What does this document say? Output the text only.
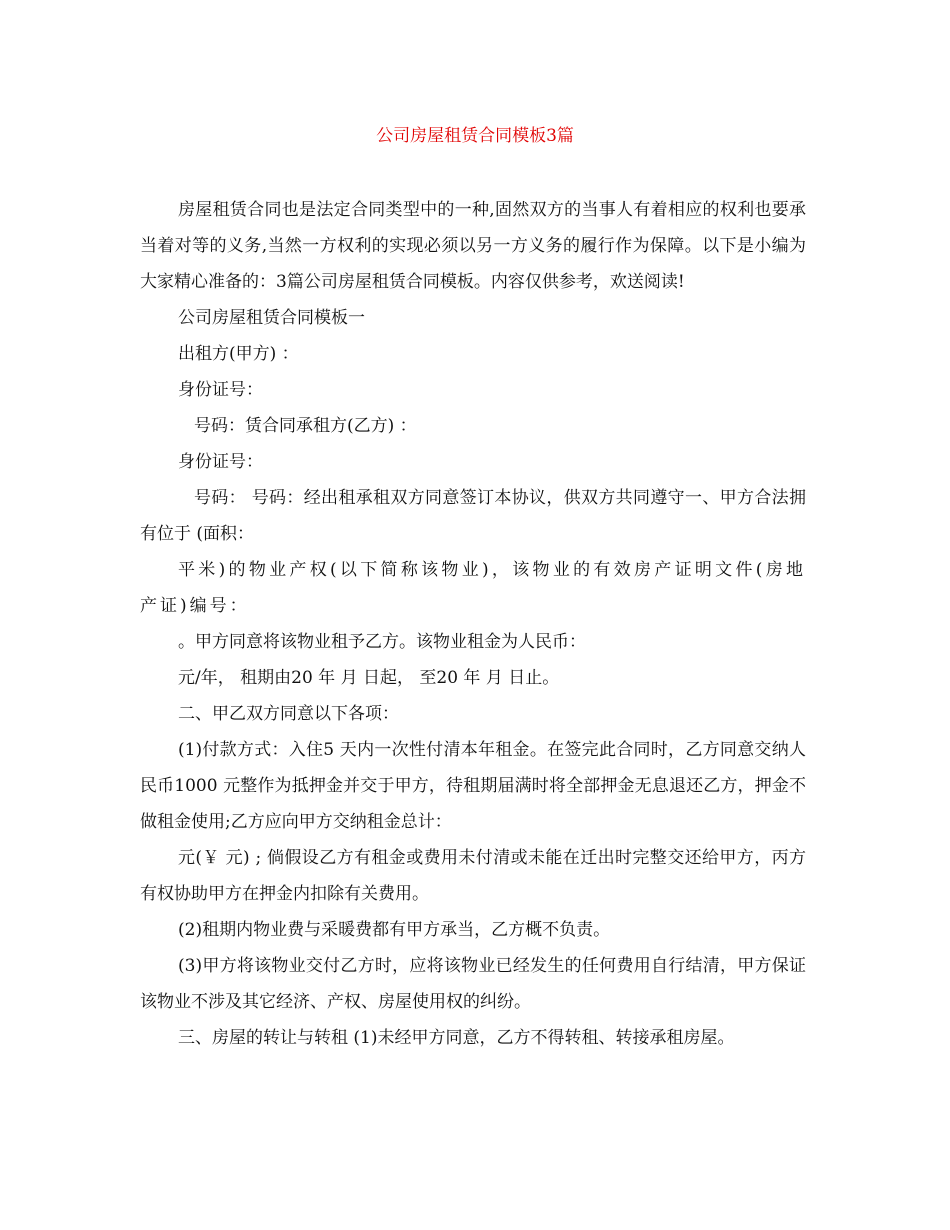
公司房屋租赁合同模板3篇

房屋租赁合同也是法定合同类型中的一种,固然双方的当事人有着相应的权利也要承当着对等的义务,当然一方权利的实现必须以另一方义务的履行作为保障。以下是小编为大家精心准备的：3篇公司房屋租赁合同模板。内容仅供参考，欢送阅读!

公司房屋租赁合同模板一

出租方(甲方) ：

身份证号：

号码：赁合同承租方(乙方) ：

身份证号：

号码： 号码：经出租承租双方同意签订本协议，供双方共同遵守一、甲方合法拥有位于 (面积：

平米)的物业产权(以下简称该物业)，该物业的有效房产证明文件(房地产证)编号：

。甲方同意将该物业租予乙方。该物业租金为人民币：

元/年， 租期由20 年 月 日起， 至20 年 月 日止。

二、甲乙双方同意以下各项：

(1)付款方式：入住5 天内一次性付清本年租金。在签完此合同时，乙方同意交纳人民币1000 元整作为抵押金并交于甲方，待租期届满时将全部押金无息退还乙方，押金不做租金使用;乙方应向甲方交纳租金总计：

元(￥ 元) ; 倘假设乙方有租金或费用未付清或未能在迁出时完整交还给甲方，丙方有权协助甲方在押金内扣除有关费用。

(2)租期内物业费与采暖费都有甲方承当，乙方概不负责。

(3)甲方将该物业交付乙方时，应将该物业已经发生的任何费用自行结清，甲方保证该物业不涉及其它经济、产权、房屋使用权的纠纷。

三、房屋的转让与转租 (1)未经甲方同意，乙方不得转租、转接承租房屋。
